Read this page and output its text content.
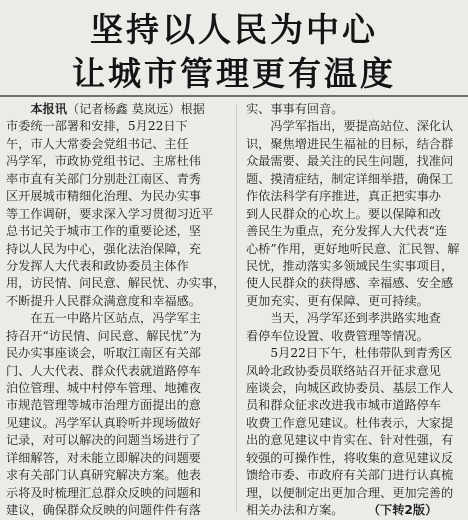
坚持以人民为中心
让城市管理更有温度
　　本报讯（记者杨鑫 莫岚远）根据
市委统一部署和安排，5月22日下
午，市人大常委会党组书记、主任
冯学军，市政协党组书记、主席杜伟
率市直有关部门分别赴江南区、青秀
区开展城市精细化治理、为民办实事
等工作调研，要求深入学习贯彻习近平
总书记关于城市工作的重要论述，坚
持以人民为中心，强化法治保障，充
分发挥人大代表和政协委员主体作
用，访民情、问民意、解民忧、办实事，
不断提升人民群众满意度和幸福感。
　　在五一中路片区站点，冯学军主
持召开“访民情、问民意、解民忧”为
民办实事座谈会，听取江南区有关部
门、人大代表、群众代表就道路停车
泊位管理、城中村停车管理、地摊夜
市规范管理等城市治理方面提出的意
见建议。冯学军认真聆听并现场做好
记录，对可以解决的问题当场进行了
详细解答，对未能立即解决的问题要
求有关部门认真研究解决方案。他表
示将及时梳理汇总群众反映的问题和
建议，确保群众反映的问题件件有落
实、事事有回音。
　　冯学军指出，要提高站位、深化认
识，聚焦增进民生福祉的目标，结合群
众最需要、最关注的民生问题，找准问
题、摸清症结，制定详细举措，确保工
作依法科学有序推进，真正把实事办
到人民群众的心坎上。要以保障和改
善民生为重点，充分发挥人大代表“连
心桥”作用，更好地听民意、汇民智、解
民忧，推动落实多领域民生实事项目，
使人民群众的获得感、幸福感、安全感
更加充实、更有保障、更可持续。
　　当天，冯学军还到孝洪路实地查
看停车位设置、收费管理等情况。
　　5月22日下午，杜伟带队到青秀区
凤岭北政协委员联络站召开征求意见
座谈会，向城区政协委员、基层工作人
员和群众征求改进我市城市道路停车
收费工作意见建议。杜伟表示，大家提
出的意见建议中肯实在、针对性强，有
较强的可操作性，将收集的意见建议反
馈给市委、市政府有关部门进行认真梳
理，以便制定出更加合理、更加完善的
相关办法和方案。　　　	（下转2版）
